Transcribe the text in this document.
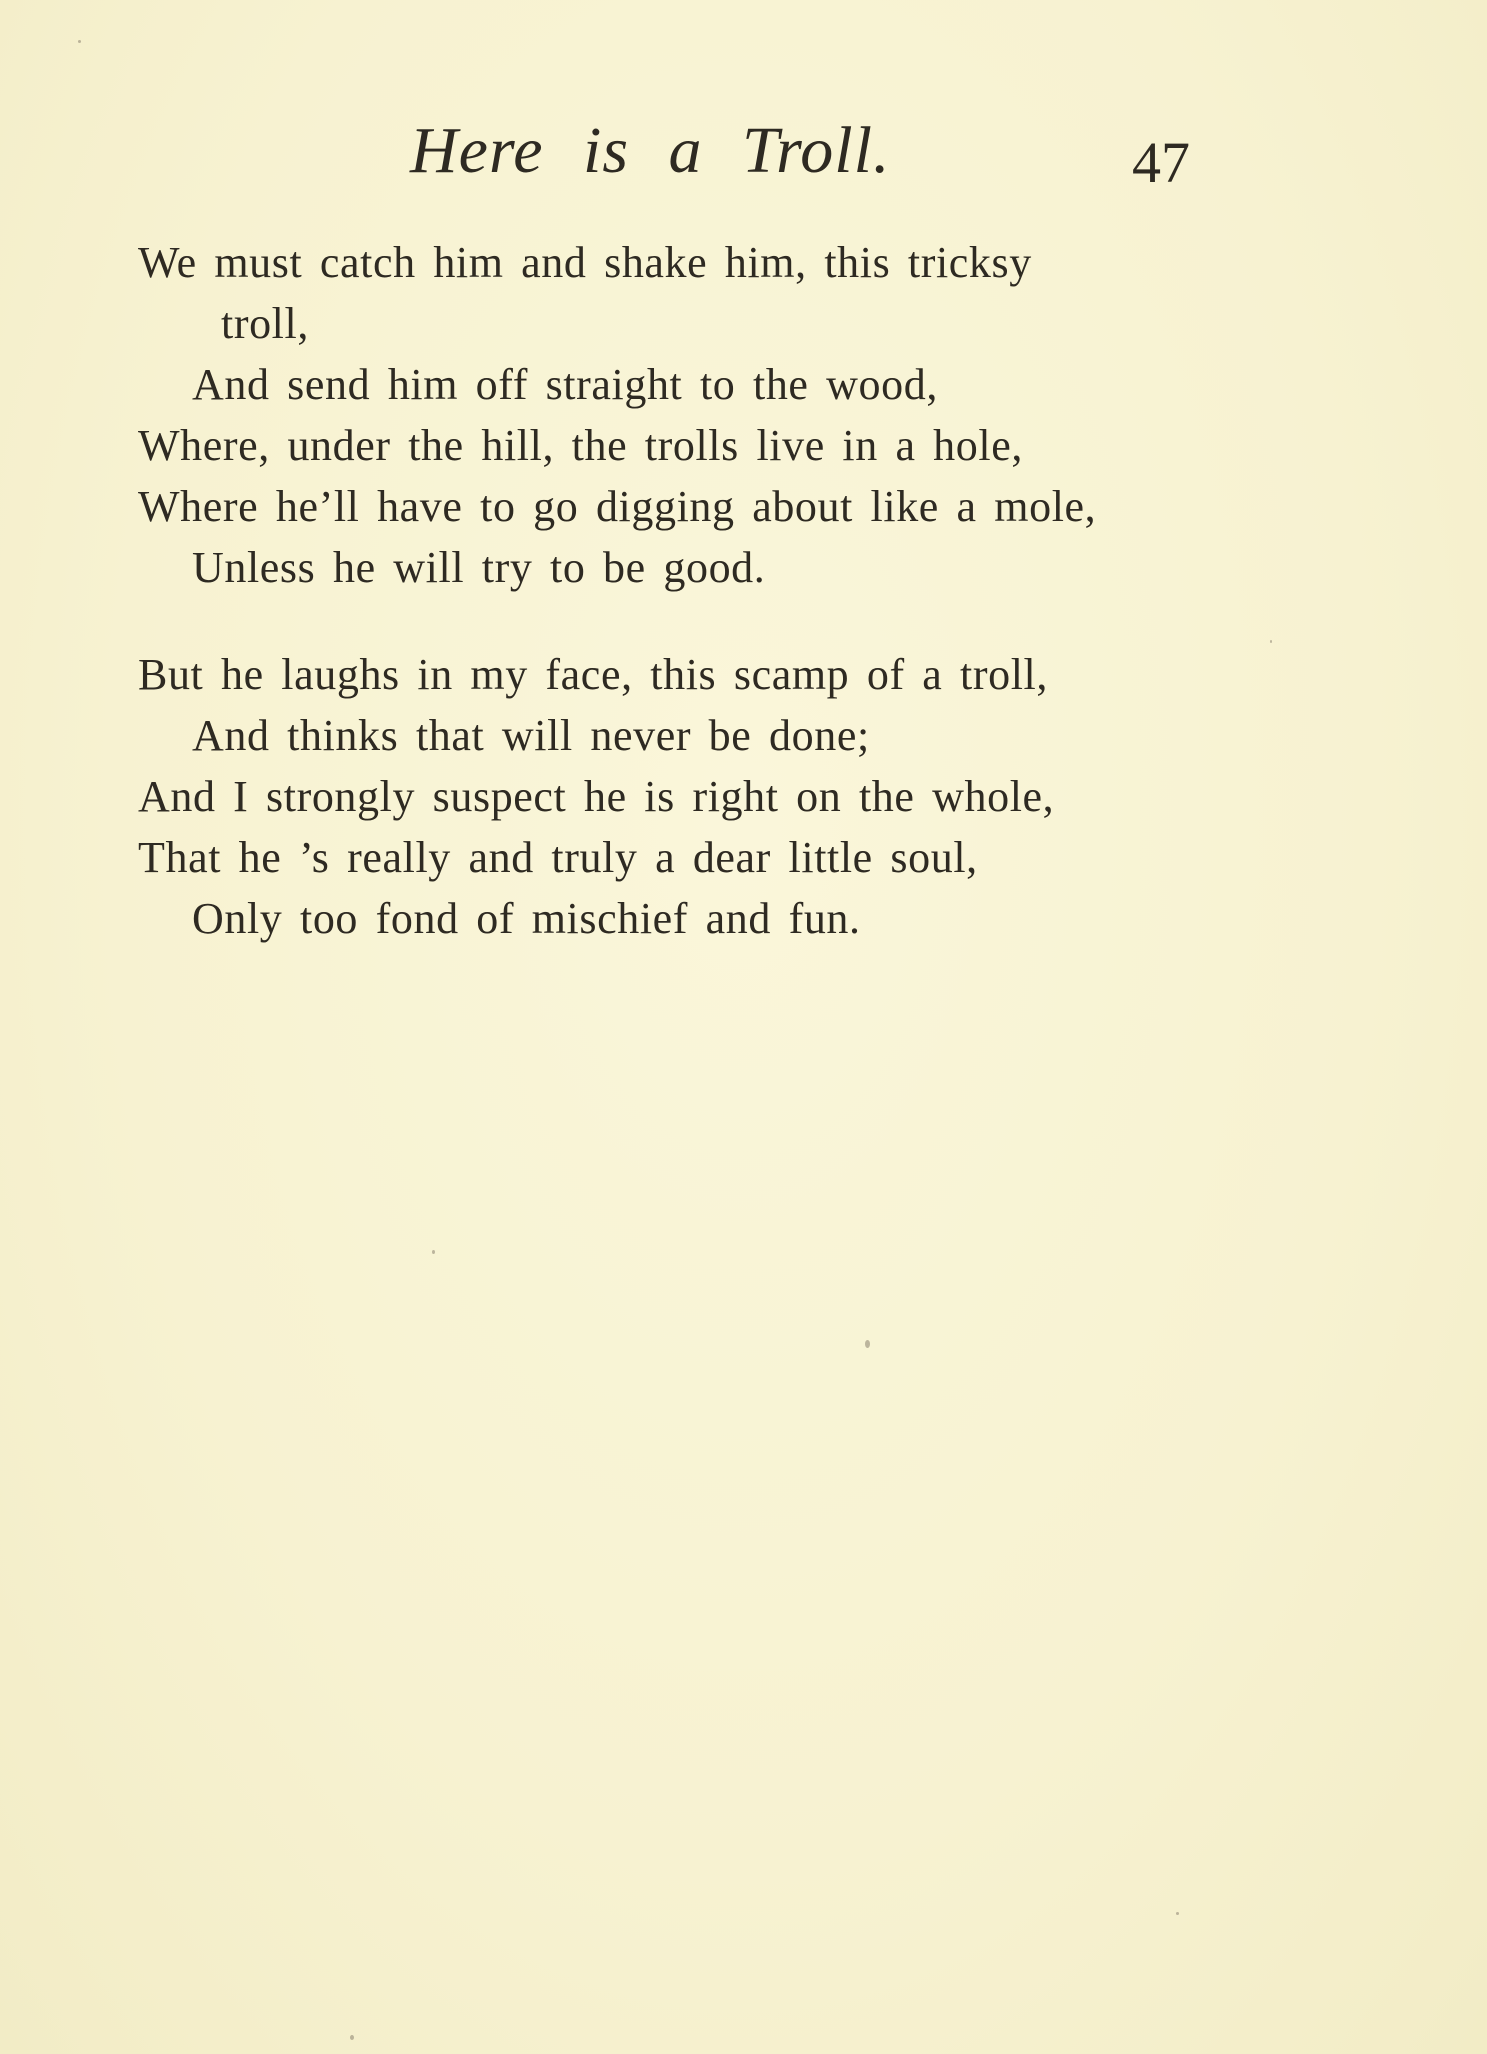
Here is a Troll.	47
We must catch him and shake him, this tricksy
troll,
And send him off straight to the wood,
Where, under the hill, the trolls live in a hole,
Where he’ll have to go digging about like a mole,
Unless he will try to be good.
But he laughs in my face, this scamp of a troll,
And thinks that will never be done;
And I strongly suspect he is right on the whole,
That he ’s really and truly a dear little soul,
Only too fond of mischief and fun.
